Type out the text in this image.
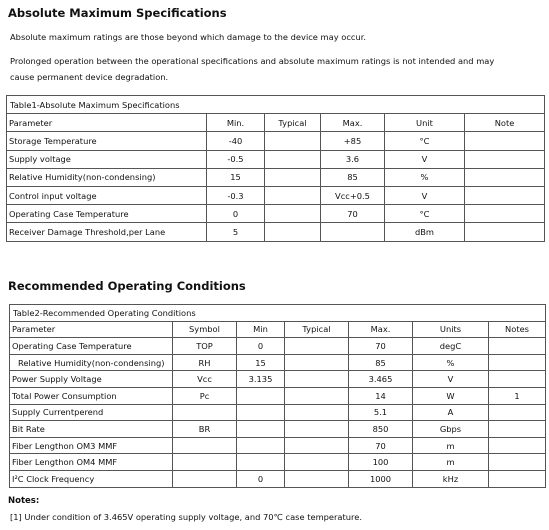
Absolute Maximum Specifications
Absolute maximum ratings are those beyond which damage to the device may occur.
Prolonged operation between the operational specifications and absolute maximum ratings is not intended and may
cause permanent device degradation.
Table1-Absolute Maximum Specifications					
Parameter	Min.	Typical	Max.	Unit	Note
Storage Temperature	-40		+85	°C	
Supply voltage	-0.5		3.6	V	
Relative Humidity(non-condensing)	15		85	%	
Control input voltage	-0.3		Vcc+0.5	V	
Operating Case Temperature	0		70	°C	
Receiver Damage Threshold,per Lane	5			dBm	
Recommended Operating Conditions
Table2-Recommended Operating Conditions						
Parameter	Symbol	Min	Typical	Max.	Units	Notes
Operating Case Temperature	TOP	0		70	degC	
Relative Humidity(non-condensing)	RH	15		85	%	
Power Supply Voltage	Vcc	3.135		3.465	V	
Total Power Consumption	Pc			14	W	1
Supply Currentperend				5.1	A	
Bit Rate	BR			850	Gbps	
Fiber Lengthon OM3 MMF				70	m	
Fiber Lengthon OM4 MMF				100	m	
I²C Clock Frequency		0		1000	kHz	
Notes:
[1] Under condition of 3.465V operating supply voltage, and 70℃ case temperature.
